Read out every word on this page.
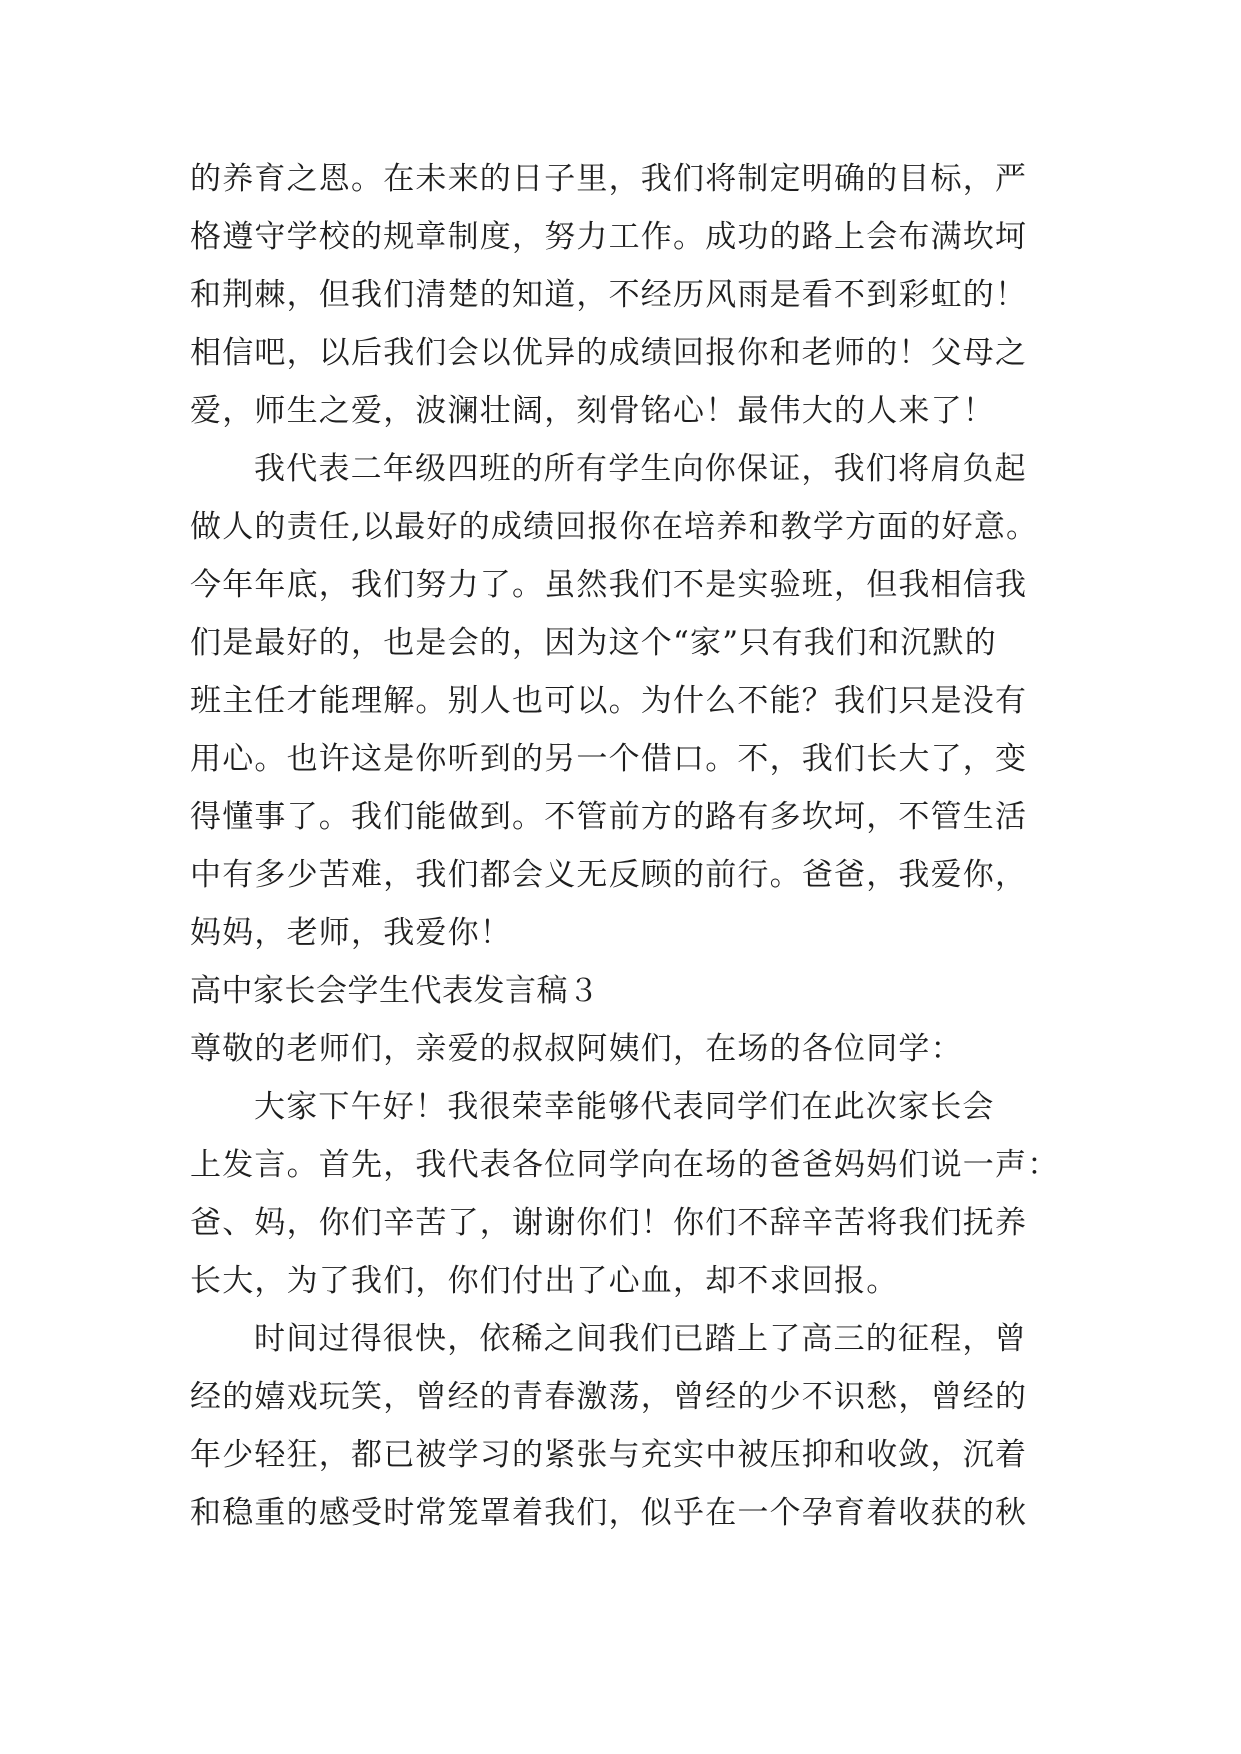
的养育之恩。在未来的日子里，我们将制定明确的目标，严
格遵守学校的规章制度，努力工作。成功的路上会布满坎坷
和荆棘，但我们清楚的知道，不经历风雨是看不到彩虹的！
相信吧，以后我们会以优异的成绩回报你和老师的！父母之
爱，师生之爱，波澜壮阔，刻骨铭心！最伟大的人来了！
我代表二年级四班的所有学生向你保证，我们将肩负起
做人的责任,以最好的成绩回报你在培养和教学方面的好意。
今年年底，我们努力了。虽然我们不是实验班，但我相信我
们是最好的，也是会的，因为这个“家”只有我们和沉默的
班主任才能理解。别人也可以。为什么不能？我们只是没有
用心。也许这是你听到的另一个借口。不，我们长大了，变
得懂事了。我们能做到。不管前方的路有多坎坷，不管生活
中有多少苦难，我们都会义无反顾的前行。爸爸，我爱你，
妈妈，老师，我爱你！
高中家长会学生代表发言稿３
尊敬的老师们，亲爱的叔叔阿姨们，在场的各位同学：
大家下午好！我很荣幸能够代表同学们在此次家长会
上发言。首先，我代表各位同学向在场的爸爸妈妈们说一声：
爸、妈，你们辛苦了，谢谢你们！你们不辞辛苦将我们抚养
长大，为了我们，你们付出了心血，却不求回报。
时间过得很快，依稀之间我们已踏上了高三的征程，曾
经的嬉戏玩笑，曾经的青春激荡，曾经的少不识愁，曾经的
年少轻狂，都已被学习的紧张与充实中被压抑和收敛，沉着
和稳重的感受时常笼罩着我们，似乎在一个孕育着收获的秋
